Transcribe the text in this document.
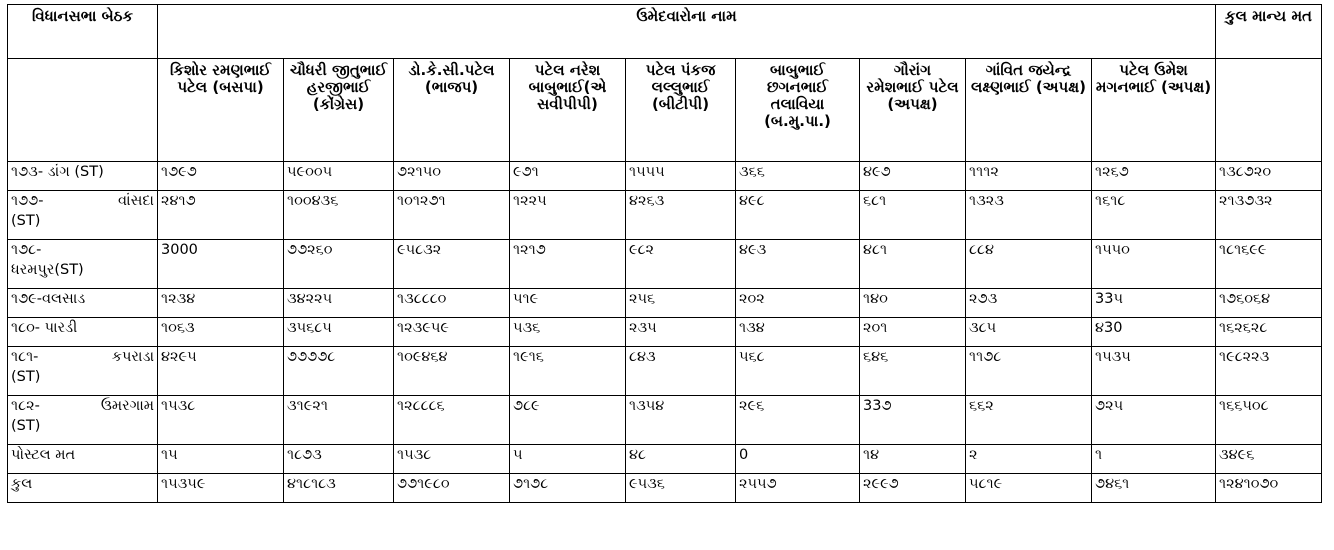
વિધાનસભા બેઠક	ઉમેદવારોના નામ									કુલ માન્ય મત
	કિશોર રમણભાઈ પટેલ (બસપા)	ચૌધરી જીતુભાઈ હરજીભાઈ (કોંગ્રેસ)	ડો.કે.સી.પટેલ (ભાજપ)	પટેલ નરેશ બાબુભાઈ(એ સવીપીપી)	પટેલ પંકજ લલ્લુભાઈ (બીટીપી)	બાબુભાઈ છગનભાઈ તલાવિયા (બ.મુ.પા.)	ગૌરાંગ રમેશભાઈ પટેલ (અપક્ષ)	ગાંવિત જયેન્દ્ર લક્ષ્ણભાઈ (અપક્ષ)	પટેલ ઉમેશ મગનભાઈ (અપક્ષ)	
૧૭૩- ડાંગ (ST)	૧૭૯૭	૫૯૦૦૫	૭૨૧૫૦	૯૭૧	૧૫૫૫	૩૬૬	૪૯૭	૧૧૧૨	૧૨૬૭	૧૩૮૭૨૦

૧૭૭- વાંસદા
(ST)	૨૪૧૭	૧૦૦૪૩૬	૧૦૧૨૭૧	૧૨૨૫	૪૨૬૩	૪૯૮	૬૮૧	૧૩૨૩	૧૬૧૮	૨૧૩૭૩૨

૧૭૮-
ધરમપુર(ST)	3000	૭૭૨૬૦	૯૫૮૩૨	૧૨૧૭	૯૮૨	૪૯૩	૪૮૧	૮૮૪	૧૫૫૦	૧૮૧૬૯૯
૧૭૯-વલસાડ	૧૨૩૪	૩૪૨૨૫	૧૩૮૮૮૦	૫૧૯	૨૫૬	૨૦૨	૧૪૦	૨૭૩	33૫	૧૭૬૦૬૪
૧૮૦- પારડી	૧૦૬૩	૩૫૬૮૫	૧૨૩૯૫૯	૫૩૬	૨૩૫	૧૩૪	૨૦૧	૩૮૫	૪30	૧૬૨૬૨૮

૧૮૧- કપરાડા
(ST)	૪૨૯૫	૭૭૭૭૮	૧૦૯૪૬૪	૧૯૧૬	૮૪૩	૫૬૮	૬૪૬	૧૧૭૮	૧૫૩૫	૧૯૮૨૨૩

૧૮૨- ઉમરગામ
(ST)	૧૫૩૮	૩૧૯૨૧	૧૨૮૮૮૬	૭૮૯	૧૩૫૪	૨૯૬	33૭	૬૬૨	૭૨૫	૧૬૬૫૦૮
પોસ્ટલ મત	૧૫	૧૮૭૩	૧૫૩૮	૫	૪૮	0	૧૪	૨	૧	૩૪૯૬
કુલ	૧૫૩૫૯	૪૧૮૧૮૩	૭૭૧૯૮૦	૭૧૭૮	૯૫૩૬	૨૫૫૭	૨૯૯૭	૫૮૧૯	૭૪૬૧	૧૨૪૧૦૭૦
